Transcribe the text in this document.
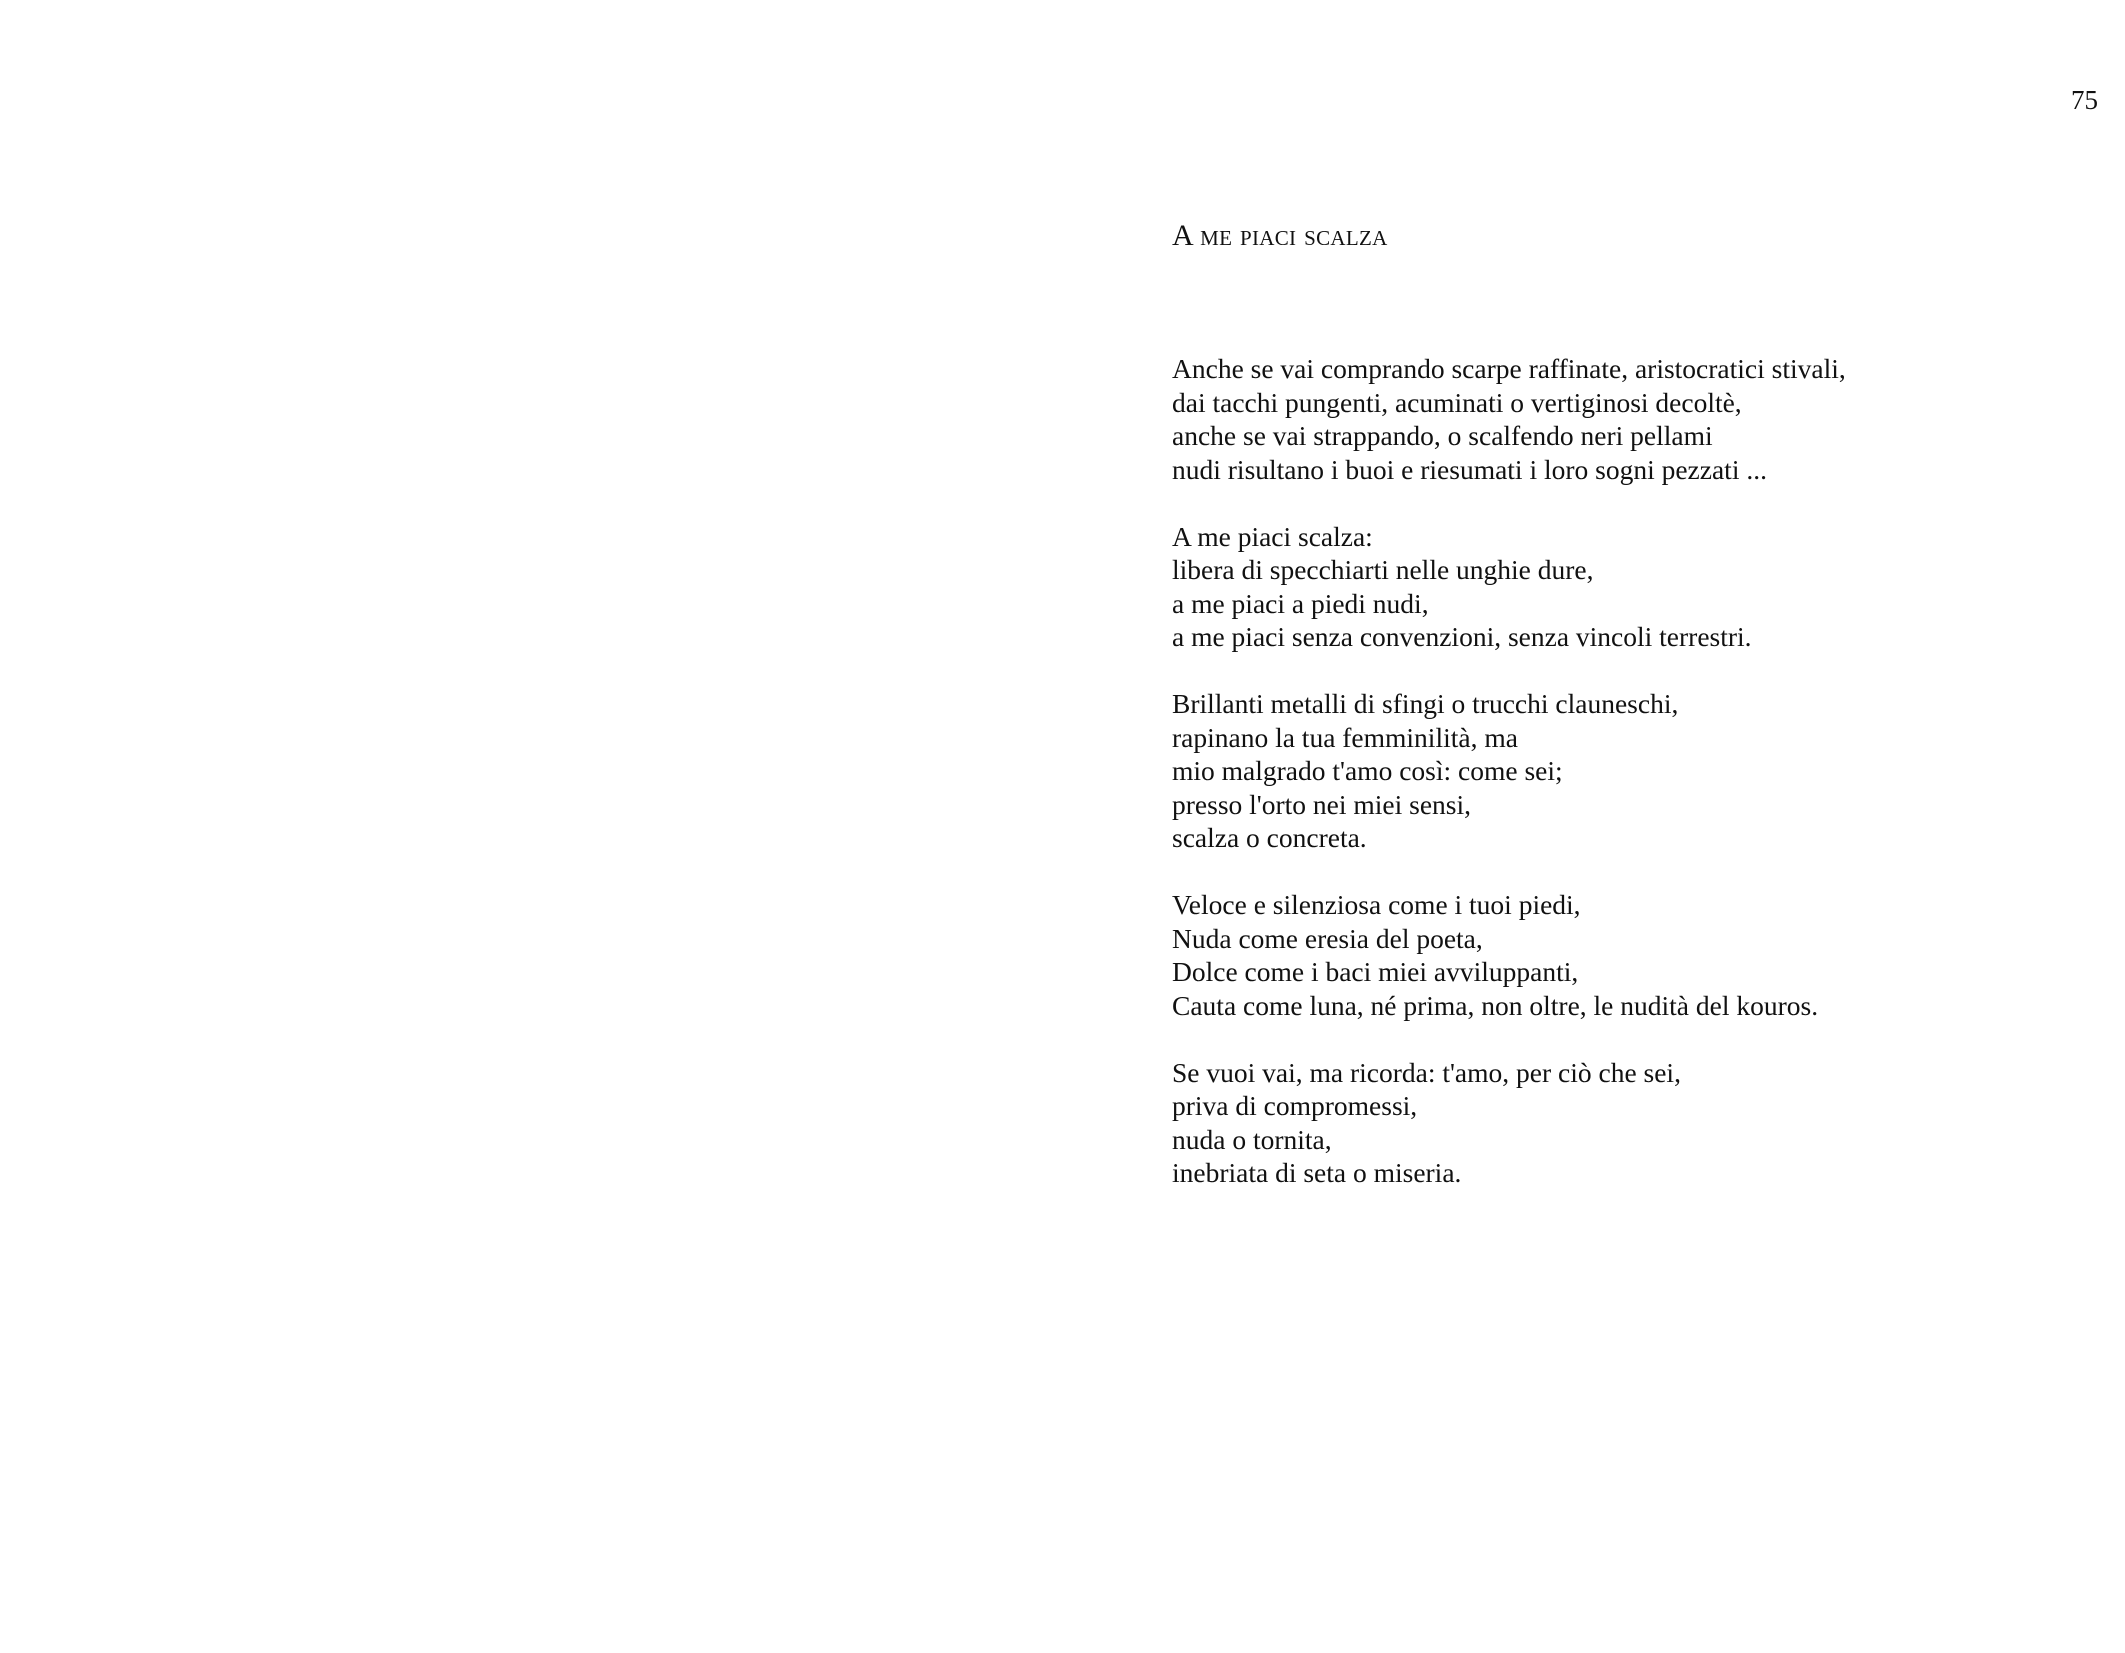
75
A me piaci scalza
Anche se vai comprando scarpe raffinate, aristocratici stivali,
dai tacchi pungenti, acuminati o vertiginosi decoltè,
anche se vai strappando, o scalfendo neri pellami
nudi risultano i buoi e riesumati i loro sogni pezzati ...
A me piaci scalza:
libera di specchiarti nelle unghie dure,
a me piaci a piedi nudi,
a me piaci senza convenzioni, senza vincoli terrestri.
Brillanti metalli di sfingi o trucchi clauneschi,
rapinano la tua femminilità, ma
mio malgrado t'amo così: come sei;
presso l'orto nei miei sensi,
scalza o concreta.
Veloce e silenziosa come i tuoi piedi,
Nuda come eresia del poeta,
Dolce come i baci miei avviluppanti,
Cauta come luna, né prima, non oltre, le nudità del kouros.
Se vuoi vai, ma ricorda: t'amo, per ciò che sei,
priva di compromessi,
nuda o tornita,
inebriata di seta o miseria.
